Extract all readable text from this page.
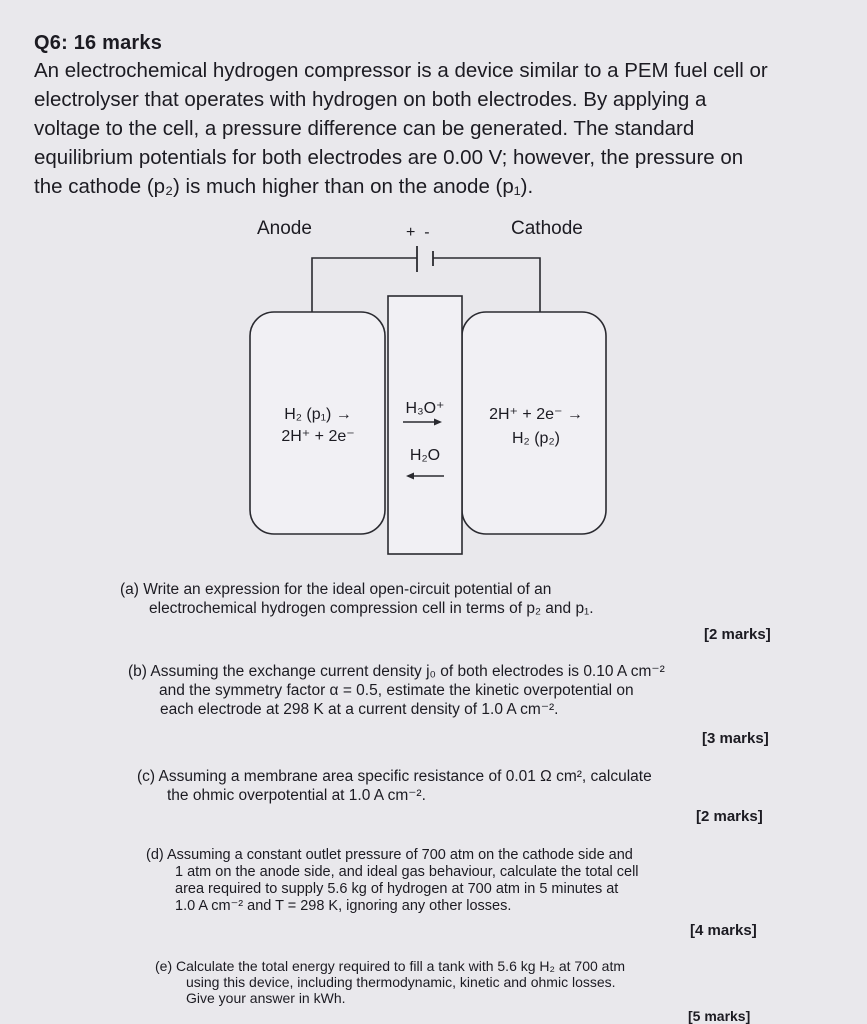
Q6: 16 marks
An electrochemical hydrogen compressor is a device similar to a PEM fuel cell or
electrolyser that operates with hydrogen on both electrodes. By applying a
voltage to the cell, a pressure difference can be generated. The standard
equilibrium potentials for both electrodes are 0.00 V; however, the pressure on
the cathode (p₂) is much higher than on the anode (p₁).
Anode	Cathode
+  -
H₂ (p₁) →
2H⁺ + 2e⁻
H₃O⁺
H₂O
2H⁺ + 2e⁻ →
H₂ (p₂)
(a) Write an expression for the ideal open-circuit potential of an
electrochemical hydrogen compression cell in terms of p₂ and p₁.
[2 marks]
(b) Assuming the exchange current density j₀ of both electrodes is 0.10 A cm⁻²
and the symmetry factor α = 0.5, estimate the kinetic overpotential on
each electrode at 298 K at a current density of 1.0 A cm⁻².
[3 marks]
(c) Assuming a membrane area specific resistance of 0.01 Ω cm², calculate
the ohmic overpotential at 1.0 A cm⁻².
[2 marks]
(d) Assuming a constant outlet pressure of 700 atm on the cathode side and
1 atm on the anode side, and ideal gas behaviour, calculate the total cell
area required to supply 5.6 kg of hydrogen at 700 atm in 5 minutes at
1.0 A cm⁻² and T = 298 K, ignoring any other losses.
[4 marks]
(e) Calculate the total energy required to fill a tank with 5.6 kg H₂ at 700 atm
using this device, including thermodynamic, kinetic and ohmic losses.
Give your answer in kWh.
[5 marks]
